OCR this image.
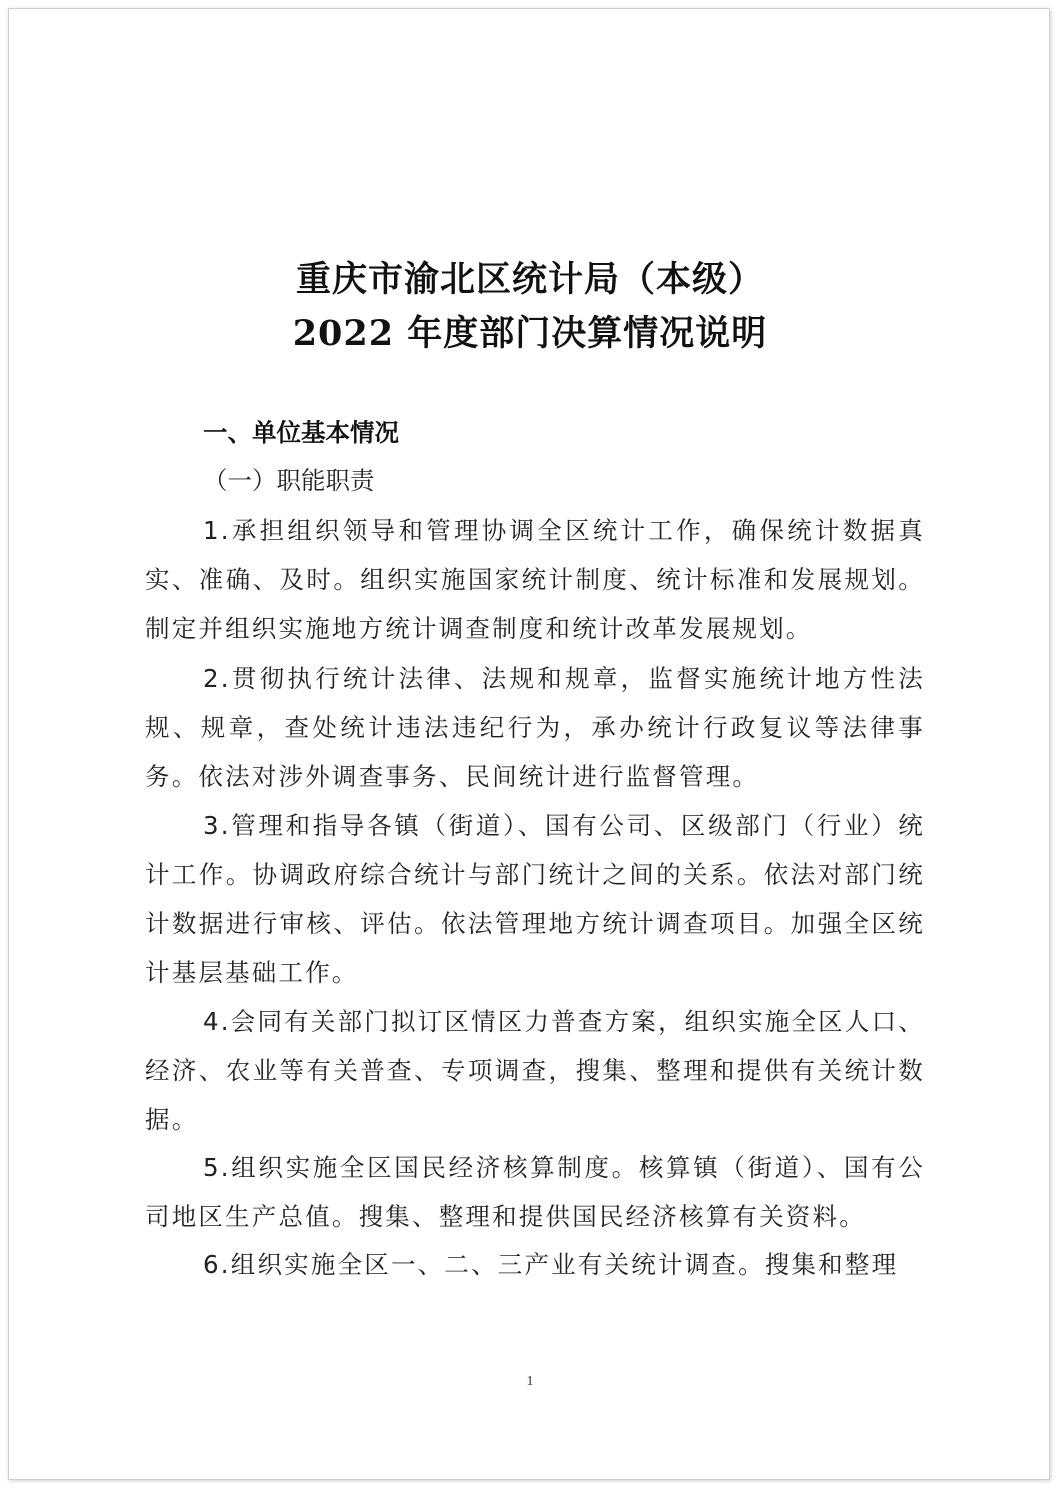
重庆市渝北区统计局（本级）
2022 年度部门决算情况说明
一、单位基本情况
（一）职能职责

1.承担组织领导和管理协调全区统计工作，确保统计数据真实、准确、及时。组织实施国家统计制度、统计标准和发展规划。制定并组织实施地方统计调查制度和统计改革发展规划。

2.贯彻执行统计法律、法规和规章，监督实施统计地方性法规、规章，查处统计违法违纪行为，承办统计行政复议等法律事务。依法对涉外调查事务、民间统计进行监督管理。

3.管理和指导各镇（街道）、国有公司、区级部门（行业）统计工作。协调政府综合统计与部门统计之间的关系。依法对部门统计数据进行审核、评估。依法管理地方统计调查项目。加强全区统计基层基础工作。

4.会同有关部门拟订区情区力普查方案，组织实施全区人口、经济、农业等有关普查、专项调查，搜集、整理和提供有关统计数据。

5.组织实施全区国民经济核算制度。核算镇（街道）、国有公司地区生产总值。搜集、整理和提供国民经济核算有关资料。

6.组织实施全区一、二、三产业有关统计调查。搜集和整理

1
